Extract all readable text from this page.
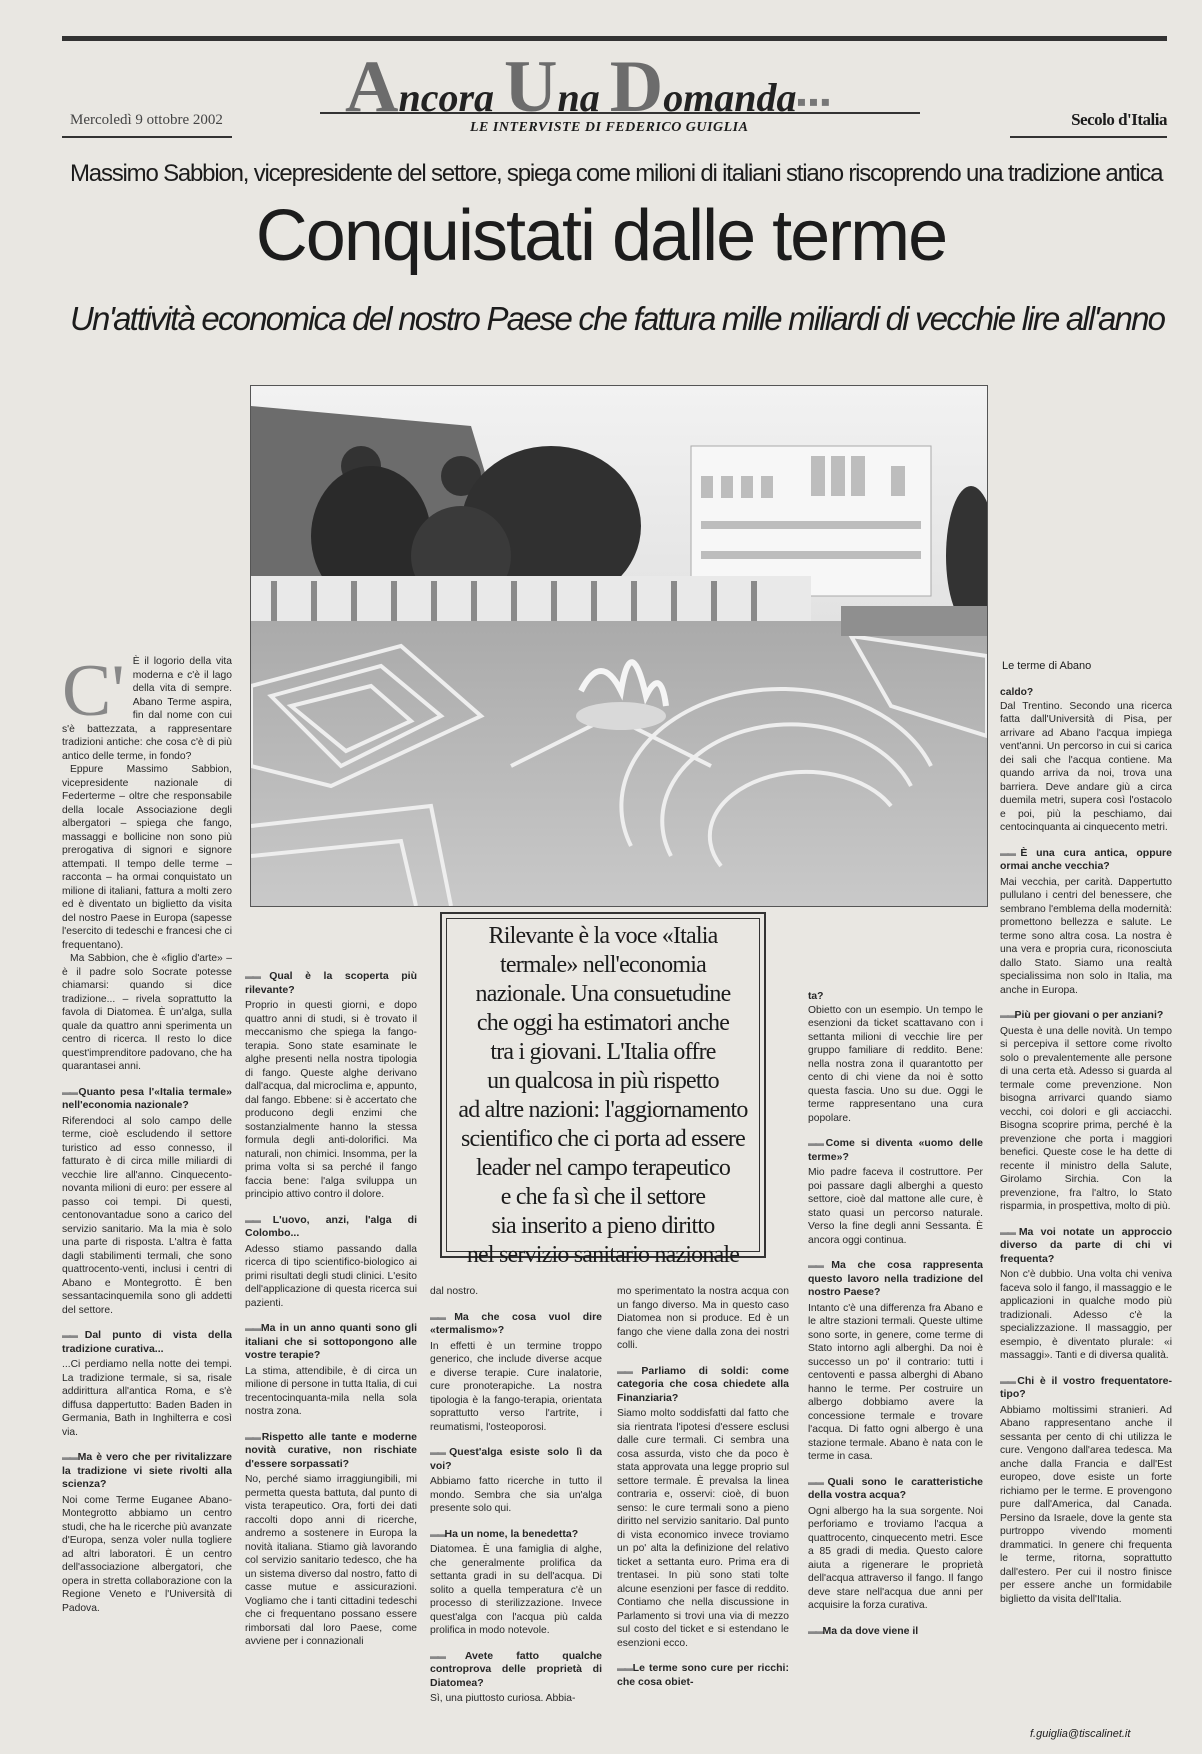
Mercoledì 9 ottobre 2002 Ancora Una Domanda▪▪▪
LE INTERVISTE DI FEDERICO GUIGLIA	Secolo d'Italia
Massimo Sabbion, vicepresidente del settore, spiega come milioni di italiani stiano riscoprendo una tradizione antica
Conquistati dalle terme
Un'attività economica del nostro Paese che fattura mille miliardi di vecchie lire all'anno
Le terme di Abano
Rilevante è la voce «Italia
termale» nell'economia
nazionale. Una consuetudine
che oggi ha estimatori anche
tra i giovani. L'Italia offre
un qualcosa in più rispetto
ad altre nazioni: l'aggiornamento
scientifico che ci porta ad essere
leader nel campo terapeutico
e che fa sì che il settore
sia inserito a pieno diritto
nel servizio sanitario nazionale
C' È il logorio della vita moderna e c'è il lago della vita di sempre. Abano Terme aspira, fin dal nome con cui s'è battezzata, a rappresentare tradizioni antiche: che cosa c'è di più antico delle terme, in fondo?

Eppure Massimo Sabbion, vicepresidente nazionale di Federterme – oltre che responsabile della locale Associazione degli albergatori – spiega che fango, massaggi e bollicine non sono più prerogativa di signori e signore attempati. Il tempo delle terme – racconta – ha ormai conquistato un milione di italiani, fattura a molti zero ed è diventato un biglietto da visita del nostro Paese in Europa (sapesse l'esercito di tedeschi e francesi che ci frequentano).

Ma Sabbion, che è «figlio d'arte» – è il padre solo Socrate potesse chiamarsi: quando si dice tradizione... – rivela soprattutto la favola di Diatomea. È un'alga, sulla quale da quattro anni sperimenta un centro di ricerca. Il resto lo dice quest'imprenditore padovano, che ha quarantasei anni.

▬▬ Quanto pesa l'«Italia termale» nell'economia nazionale?

Riferendoci al solo campo delle terme, cioè escludendo il settore turistico ad esso connesso, il fatturato è di circa mille miliardi di vecchie lire all'anno. Cinquecento-novanta milioni di euro: per essere al passo coi tempi. Di questi, centonovantadue sono a carico del servizio sanitario. Ma la mia è solo una parte di risposta. L'altra è fatta dagli stabilimenti termali, che sono quattrocento-venti, inclusi i centri di Abano e Montegrotto. È ben sessantacinquemila sono gli addetti del settore.

▬▬ Dal punto di vista della tradizione curativa...

...Ci perdiamo nella notte dei tempi. La tradizione termale, si sa, risale addirittura all'antica Roma, e s'è diffusa dappertutto: Baden Baden in Germania, Bath in Inghilterra e così via.

▬▬ Ma è vero che per rivitalizzare la tradizione vi siete rivolti alla scienza?

Noi come Terme Euganee Abano-Montegrotto abbiamo un centro studi, che ha le ricerche più avanzate d'Europa, senza voler nulla togliere ad altri laboratori. È un centro dell'associazione albergatori, che opera in stretta collaborazione con la Regione Veneto e l'Università di Padova.

▬▬ Qual è la scoperta più rilevante?

Proprio in questi giorni, e dopo quattro anni di studi, si è trovato il meccanismo che spiega la fango-terapia. Sono state esaminate le alghe presenti nella nostra tipologia di fango. Queste alghe derivano dall'acqua, dal microclima e, appunto, dal fango. Ebbene: si è accertato che producono degli enzimi che sostanzialmente hanno la stessa formula degli anti-dolorifici. Ma naturali, non chimici. Insomma, per la prima volta si sa perché il fango faccia bene: l'alga sviluppa un principio attivo contro il dolore.

▬▬ L'uovo, anzi, l'alga di Colombo...

Adesso stiamo passando dalla ricerca di tipo scientifico-biologico ai primi risultati degli studi clinici. L'esito dell'applicazione di questa ricerca sui pazienti.

▬▬ Ma in un anno quanti sono gli italiani che si sottopongono alle vostre terapie?

La stima, attendibile, è di circa un milione di persone in tutta Italia, di cui trecentocinquanta-mila nella sola nostra zona.

▬▬ Rispetto alle tante e moderne novità curative, non rischiate d'essere sorpassati?

No, perché siamo irraggiungibili, mi permetta questa battuta, dal punto di vista terapeutico. Ora, forti dei dati raccolti dopo anni di ricerche, andremo a sostenere in Europa la novità italiana. Stiamo già lavorando col servizio sanitario tedesco, che ha un sistema diverso dal nostro, fatto di casse mutue e assicurazioni. Vogliamo che i tanti cittadini tedeschi che ci frequentano possano essere rimborsati dal loro Paese, come avviene per i connazionali

dal nostro.

▬▬ Ma che cosa vuol dire «termalismo»?

In effetti è un termine troppo generico, che include diverse acque e diverse terapie. Cure inalatorie, cure pronoterapiche. La nostra tipologia è la fango-terapia, orientata soprattutto verso l'artrite, i reumatismi, l'osteoporosi.

▬▬ Quest'alga esiste solo lì da voi?

Abbiamo fatto ricerche in tutto il mondo. Sembra che sia un'alga presente solo qui.

▬▬ Ha un nome, la benedetta?

Diatomea. È una famiglia di alghe, che generalmente prolifica da settanta gradi in su dell'acqua. Di solito a quella temperatura c'è un processo di sterilizzazione. Invece quest'alga con l'acqua più calda prolifica in modo notevole.

▬▬ Avete fatto qualche controprova delle proprietà di Diatomea?

Sì, una piuttosto curiosa. Abbia-

mo sperimentato la nostra acqua con un fango diverso. Ma in questo caso Diatomea non si produce. Ed è un fango che viene dalla zona dei nostri colli.

▬▬ Parliamo di soldi: come categoria che cosa chiedete alla Finanziaria?

Siamo molto soddisfatti dal fatto che sia rientrata l'ipotesi d'essere esclusi dalle cure termali. Ci sembra una cosa assurda, visto che da poco è stata approvata una legge proprio sul settore termale. È prevalsa la linea contraria e, osservi: cioè, di buon senso: le cure termali sono a pieno diritto nel servizio sanitario. Dal punto di vista economico invece troviamo un po' alta la definizione del relativo ticket a settanta euro. Prima era di trentasei. In più sono stati tolte alcune esenzioni per fasce di reddito. Contiamo che nella discussione in Parlamento si trovi una via di mezzo sul costo del ticket e si estendano le esenzioni ecco.

▬▬ Le terme sono cure per ricchi: che cosa obiet-

ta?

Obietto con un esempio. Un tempo le esenzioni da ticket scattavano con i settanta milioni di vecchie lire per gruppo familiare di reddito. Bene: nella nostra zona il quarantotto per cento di chi viene da noi è sotto questa fascia. Uno su due. Oggi le terme rappresentano una cura popolare.

▬▬ Come si diventa «uomo delle terme»?

Mio padre faceva il costruttore. Per poi passare dagli alberghi a questo settore, cioè dal mattone alle cure, è stato quasi un percorso naturale. Verso la fine degli anni Sessanta. È ancora oggi continua.

▬▬ Ma che cosa rappresenta questo lavoro nella tradizione del nostro Paese?

Intanto c'è una differenza fra Abano e le altre stazioni termali. Queste ultime sono sorte, in genere, come terme di Stato intorno agli alberghi. Da noi è successo un po' il contrario: tutti i centoventi e passa alberghi di Abano hanno le terme. Per costruire un albergo dobbiamo avere la concessione termale e trovare l'acqua. Di fatto ogni albergo è una stazione termale. Abano è nata con le terme in casa.

▬▬ Quali sono le caratteristiche della vostra acqua?

Ogni albergo ha la sua sorgente. Noi perforiamo e troviamo l'acqua a quattrocento, cinquecento metri. Esce a 85 gradi di media. Questo calore aiuta a rigenerare le proprietà dell'acqua attraverso il fango. Il fango deve stare nell'acqua due anni per acquisire la forza curativa.

▬▬ Ma da dove viene il

caldo?

Dal Trentino. Secondo una ricerca fatta dall'Università di Pisa, per arrivare ad Abano l'acqua impiega vent'anni. Un percorso in cui si carica dei sali che l'acqua contiene. Ma quando arriva da noi, trova una barriera. Deve andare giù a circa duemila metri, supera così l'ostacolo e poi, più la peschiamo, dai centocinquanta ai cinquecento metri.

▬▬ È una cura antica, oppure ormai anche vecchia?

Mai vecchia, per carità. Dappertutto pullulano i centri del benessere, che sembrano l'emblema della modernità: promettono bellezza e salute. Le terme sono altra cosa. La nostra è una vera e propria cura, riconosciuta dallo Stato. Siamo una realtà specialissima non solo in Italia, ma anche in Europa.

▬▬ Più per giovani o per anziani?

Questa è una delle novità. Un tempo si percepiva il settore come rivolto solo o prevalentemente alle persone di una certa età. Adesso si guarda al termale come prevenzione. Non bisogna arrivarci quando siamo vecchi, coi dolori e gli acciacchi. Bisogna scoprire prima, perché è la prevenzione che porta i maggiori benefici. Queste cose le ha dette di recente il ministro della Salute, Girolamo Sirchia. Con la prevenzione, fra l'altro, lo Stato risparmia, in prospettiva, molto di più.

▬▬ Ma voi notate un approccio diverso da parte di chi vi frequenta?

Non c'è dubbio. Una volta chi veniva faceva solo il fango, il massaggio e le applicazioni in qualche modo più tradizionali. Adesso c'è la specializzazione. Il massaggio, per esempio, è diventato plurale: «i massaggi». Tanti e di diversa qualità.

▬▬ Chi è il vostro frequentatore-tipo?

Abbiamo moltissimi stranieri. Ad Abano rappresentano anche il sessanta per cento di chi utilizza le cure. Vengono dall'area tedesca. Ma anche dalla Francia e dall'Est europeo, dove esiste un forte richiamo per le terme. E provengono pure dall'America, dal Canada. Persino da Israele, dove la gente sta purtroppo vivendo momenti drammatici. In genere chi frequenta le terme, ritorna, soprattutto dall'estero. Per cui il nostro finisce per essere anche un formidabile biglietto da visita dell'Italia.

f.guiglia@tiscalinet.it
